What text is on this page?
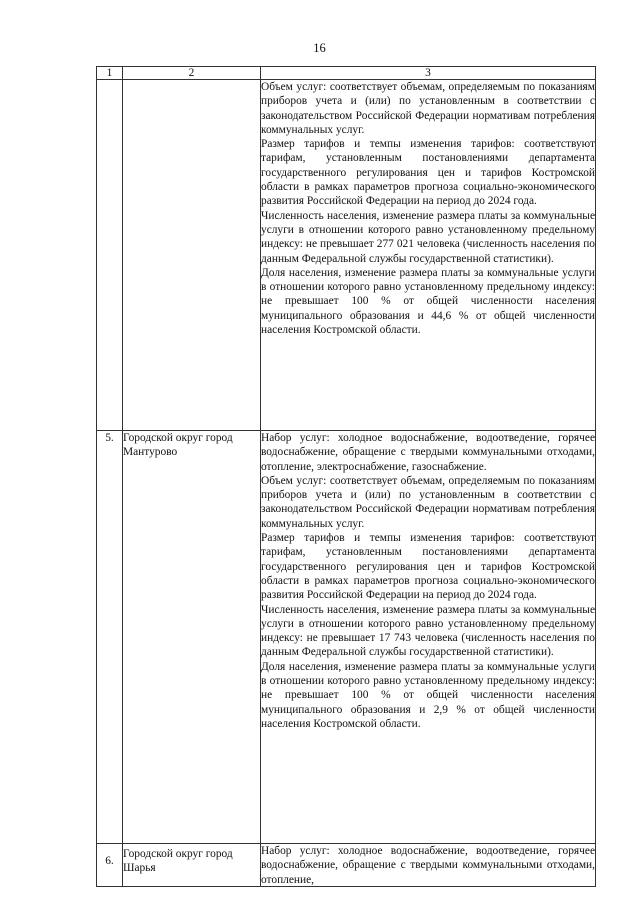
16
1	2	3

		Объем услуг: соответствует объемам, определяемым по показаниям приборов учета и (или) по установленным в соответствии с законодательством Российской Федерации нормативам потребления коммунальных услуг.
Размер тарифов и темпы изменения тарифов: соответствуют тарифам, установленным постановлениями департамента государственного регулирования цен и тарифов Костромской области в рамках параметров прогноза социально-экономического развития Российской Федерации на период до 2024 года.
Численность населения, изменение размера платы за коммунальные услуги в отношении которого равно установленному предельному индексу: не превышает 277 021 человека (численность населения по данным Федеральной службы государственной статистики).
Доля населения, изменение размера платы за коммунальные услуги в отношении которого равно установленному предельному индексу: не превышает 100 % от общей численности населения муниципального образования и 44,6 % от общей численности населения Костромской области.

5.	Городской округ город Мантурово	Набор услуг: холодное водоснабжение, водоотведение, горячее водоснабжение, обращение с твердыми коммунальными отходами, отопление, электроснабжение, газоснабжение.
Объем услуг: соответствует объемам, определяемым по показаниям приборов учета и (или) по установленным в соответствии с законодательством Российской Федерации нормативам потребления коммунальных услуг.
Размер тарифов и темпы изменения тарифов: соответствуют тарифам, установленным постановлениями департамента государственного регулирования цен и тарифов Костромской области в рамках параметров прогноза социально-экономического развития Российской Федерации на период до 2024 года.
Численность населения, изменение размера платы за коммунальные услуги в отношении которого равно установленному предельному индексу: не превышает 17 743 человека (численность населения по данным Федеральной службы государственной статистики).
Доля населения, изменение размера платы за коммунальные услуги в отношении которого равно установленному предельному индексу: не превышает 100 % от общей численности населения муниципального образования и 2,9 % от общей численности населения Костромской области.

6.	Городской округ город Шарья	Набор услуг: холодное водоснабжение, водоотведение, горячее водоснабжение, обращение с твердыми коммунальными отходами, отопление,
